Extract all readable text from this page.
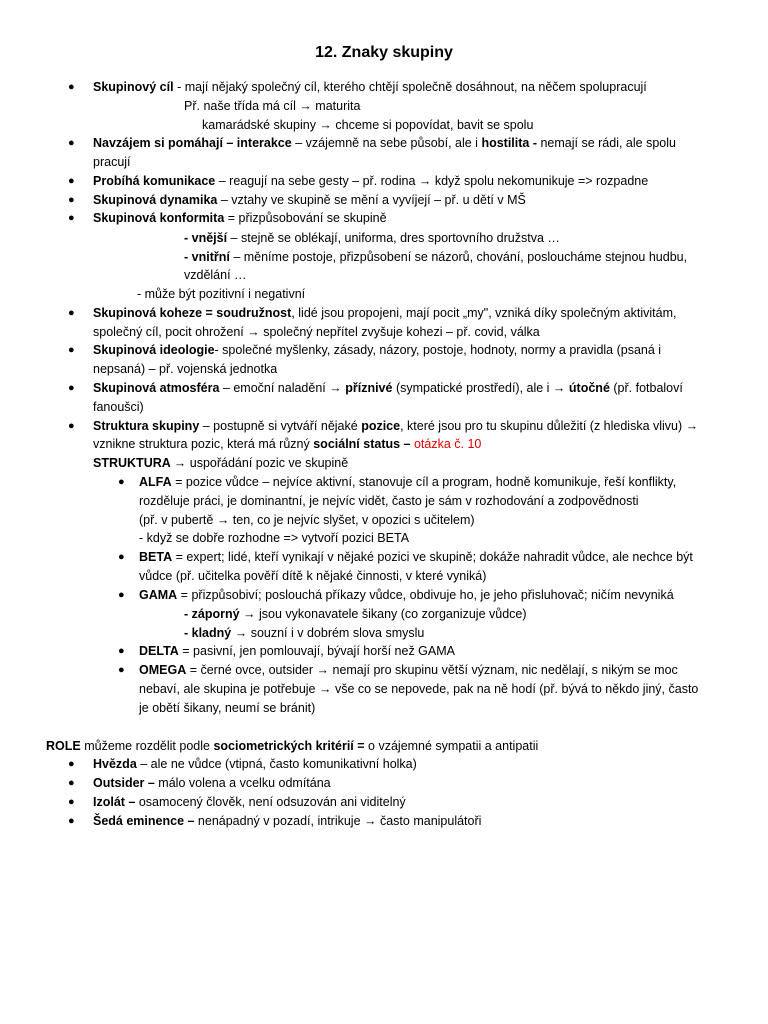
12. Znaky skupiny
● Skupinový cíl - mají nějaký společný cíl, kterého chtějí společně dosáhnout, na něčem spolupracují
Př. naše třída má cíl → maturita
kamarádské skupiny → chceme si popovídat, bavit se spolu
● Navzájem si pomáhají – interakce – vzájemně na sebe působí, ale i hostilita - nemají se rádi, ale spolu
pracují
● Probíhá komunikace – reagují na sebe gesty – př. rodina → když spolu nekomunikuje => rozpadne
● Skupinová dynamika – vztahy ve skupině se mění a vyvíjejí – př. u dětí v MŠ
● Skupinová konformita = přizpůsobování se skupině
- vnější – stejně se oblékají, uniforma, dres sportovního družstva …
- vnitřní – měníme postoje, přizpůsobení se názorů, chování, posloucháme stejnou hudbu,
vzdělání …
- může být pozitivní i negativní
● Skupinová koheze = soudružnost, lidé jsou propojeni, mají pocit „my", vzniká díky společným aktivitám,
společný cíl, pocit ohrožení → společný nepřítel zvyšuje kohezi – př. covid, válka
● Skupinová ideologie- společné myšlenky, zásady, názory, postoje, hodnoty, normy a pravidla (psaná i
nepsaná) – př. vojenská jednotka
● Skupinová atmosféra – emoční naladění → příznivé (sympatické prostředí), ale i → útočné (př. fotbaloví
fanoušci)
● Struktura skupiny – postupně si vytváří nějaké pozice, které jsou pro tu skupinu důležití (z hlediska vlivu) →
vznikne struktura pozic, která má různý sociální status – otázka č. 10
STRUKTURA → uspořádání pozic ve skupině
● ALFA = pozice vůdce – nejvíce aktivní, stanovuje cíl a program, hodně komunikuje, řeší konflikty,
rozděluje práci, je dominantní, je nejvíc vidět, často je sám v rozhodování a zodpovědnosti
(př. v pubertě → ten, co je nejvíc slyšet, v opozici s učitelem)
- když se dobře rozhodne => vytvoří pozici BETA
● BETA = expert; lidé, kteří vynikají v nějaké pozici ve skupině; dokáže nahradit vůdce, ale nechce být
vůdce (př. učitelka pověří dítě k nějaké činnosti, v které vyniká)
● GAMA = přizpůsobiví; poslouchá příkazy vůdce, obdivuje ho, je jeho přisluhovač; ničím nevyniká
- záporný → jsou vykonavatele šikany (co zorganizuje vůdce)
- kladný → souzní i v dobrém slova smyslu
● DELTA = pasivní, jen pomlouvají, bývají horší než GAMA
● OMEGA = černé ovce, outsider → nemají pro skupinu větší význam, nic nedělají, s nikým se moc
nebaví, ale skupina je potřebuje → vše co se nepovede, pak na ně hodí (př. bývá to někdo jiný, často
je obětí šikany, neumí se bránit)
ROLE můžeme rozdělit podle sociometrických kritérií = o vzájemné sympatii a antipatii
● Hvězda – ale ne vůdce (vtipná, často komunikativní holka)
● Outsider – málo volena a vcelku odmítána
● Izolát – osamocený člověk, není odsuzován ani viditelný
● Šedá eminence – nenápadný v pozadí, intrikuje → často manipulátoři
